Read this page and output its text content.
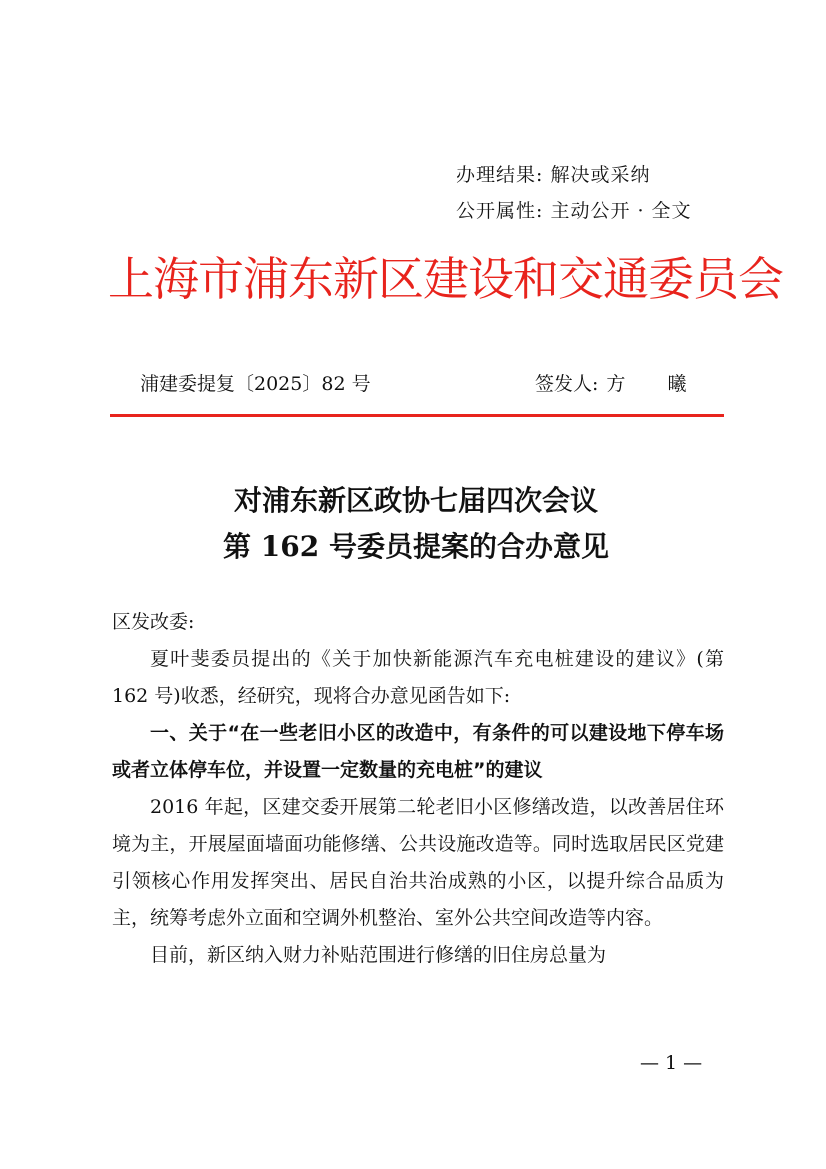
办理结果: 解决或采纳
公开属性: 主动公开 · 全文
上海市浦东新区建设和交通委员会
浦建委提复〔2025〕82 号	签发人: 方 曦
对浦东新区政协七届四次会议
第 162 号委员提案的合办意见

区发改委:

夏叶斐委员提出的《关于加快新能源汽车充电桩建设的建议》(第 162 号)收悉，经研究，现将合办意见函告如下:

一、关于“在一些老旧小区的改造中，有条件的可以建设地下停车场或者立体停车位，并设置一定数量的充电桩”的建议

2016 年起，区建交委开展第二轮老旧小区修缮改造，以改善居住环境为主，开展屋面墙面功能修缮、公共设施改造等。同时选取居民区党建引领核心作用发挥突出、居民自治共治成熟的小区，以提升综合品质为主，统筹考虑外立面和空调外机整治、室外公共空间改造等内容。

目前，新区纳入财力补贴范围进行修缮的旧住房总量为

— 1 —
